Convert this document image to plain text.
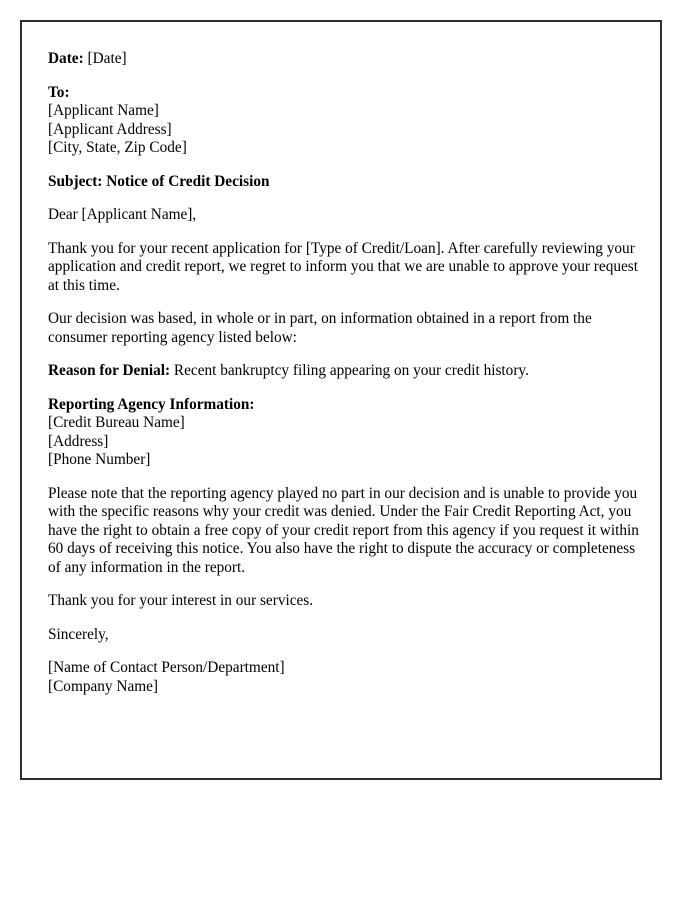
Date: [Date]

To:
[Applicant Name]
[Applicant Address]
[City, State, Zip Code]

Subject: Notice of Credit Decision

Dear [Applicant Name],

Thank you for your recent application for [Type of Credit/Loan]. After carefully reviewing your application and credit report, we regret to inform you that we are unable to approve your request at this time.

Our decision was based, in whole or in part, on information obtained in a report from the consumer reporting agency listed below:

Reason for Denial: Recent bankruptcy filing appearing on your credit history.

Reporting Agency Information:
[Credit Bureau Name]
[Address]
[Phone Number]

Please note that the reporting agency played no part in our decision and is unable to provide you with the specific reasons why your credit was denied. Under the Fair Credit Reporting Act, you have the right to obtain a free copy of your credit report from this agency if you request it within 60 days of receiving this notice. You also have the right to dispute the accuracy or completeness of any information in the report.

Thank you for your interest in our services.

Sincerely,

[Name of Contact Person/Department]
[Company Name]
